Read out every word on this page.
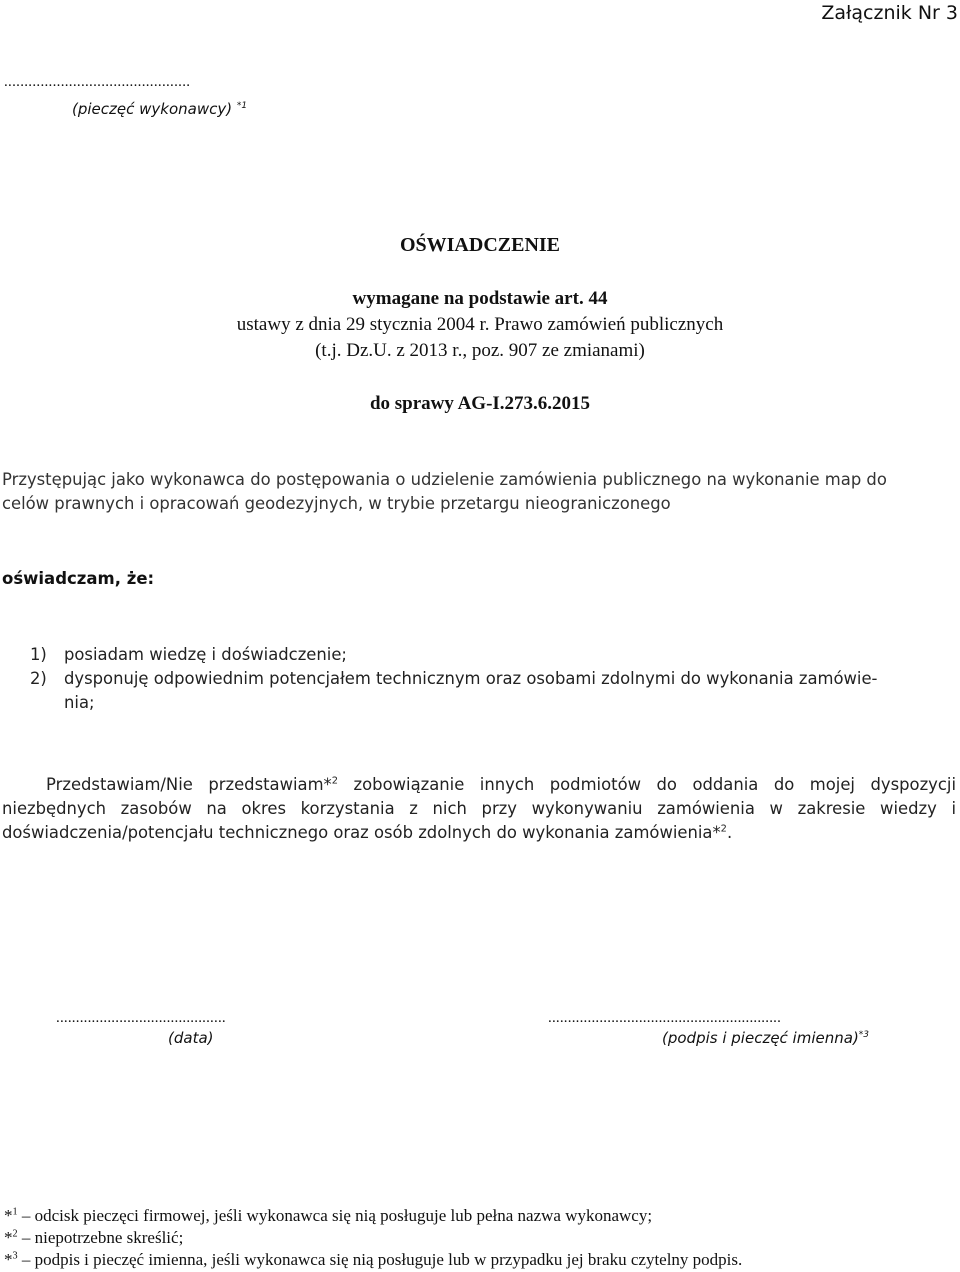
Załącznik Nr 3
..............................................
(pieczęć wykonawcy) $^{*1}$
OŚWIADCZENIE
wymagane na podstawie art. 44
ustawy z dnia 29 stycznia 2004 r. Prawo zamówień publicznych
(t.j. Dz.U. z 2013 r., poz. 907 ze zmianami)
do sprawy AG-I.273.6.2015
Przystępując jako wykonawca do postępowania o udzielenie zamówienia publicznego na wykonanie map do
celów prawnych i opracowań geodezyjnych, w trybie przetargu nieograniczonego
oświadczam, że:
1) posiadam wiedzę i doświadczenie;
2) dysponuję odpowiednim potencjałem technicznym oraz osobami zdolnymi do wykonania zamówie-
nia;
Przedstawiam/Nie przedstawiam*$^2$ zobowiązanie innych podmiotów do oddania do mojej dyspozycji niezbędnych zasobów na okres korzystania z nich przy wykonywaniu zamówienia w zakresie wiedzy i doświadczenia/potencjału technicznego oraz osób zdolnych do wykonania zamówienia*$^2$.
...........................................
(data)
...........................................................
(podpis i pieczęć imienna)$^{*3}$
*$^1$ – odcisk pieczęci firmowej, jeśli wykonawca się nią posługuje lub pełna nazwa wykonawcy;
*$^2$ – niepotrzebne skreślić;
*$^3$ – podpis i pieczęć imienna, jeśli wykonawca się nią posługuje lub w przypadku jej braku czytelny podpis.
